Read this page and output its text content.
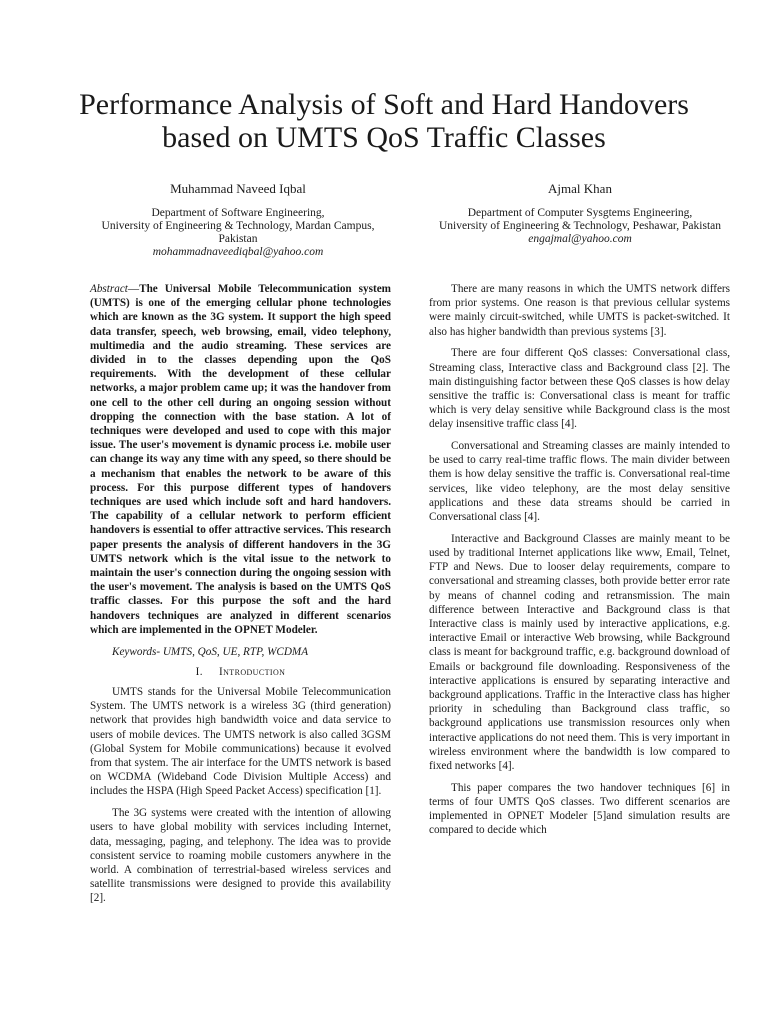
Performance Analysis of Soft and Hard Handovers
based on UMTS QoS Traffic Classes
Muhammad Naveed Iqbal
Department of Software Engineering,
University of Engineering & Technology, Mardan Campus,
Pakistan
mohammadnaveediqbal@yahoo.com
Ajmal Khan
Department of Computer Sysgtems Engineering,
University of Engineering & Technologv, Peshawar, Pakistan
engajmal@yahoo.com

Abstract—The Universal Mobile Telecommunication system (UMTS) is one of the emerging cellular phone technologies which are known as the 3G system. It support the high speed data transfer, speech, web browsing, email, video telephony, multimedia and the audio streaming. These services are divided in to the classes depending upon the QoS requirements. With the development of these cellular networks, a major problem came up; it was the handover from one cell to the other cell during an ongoing session without dropping the connection with the base station. A lot of techniques were developed and used to cope with this major issue. The user's movement is dynamic process i.e. mobile user can change its way any time with any speed, so there should be a mechanism that enables the network to be aware of this process. For this purpose different types of handovers techniques are used which include soft and hard handovers. The capability of a cellular network to perform efficient handovers is essential to offer attractive services. This research paper presents the analysis of different handovers in the 3G UMTS network which is the vital issue to the network to maintain the user's connection during the ongoing session with the user's movement. The analysis is based on the UMTS QoS traffic classes. For this purpose the soft and the hard handovers techniques are analyzed in different scenarios which are implemented in the OPNET Modeler.

Keywords- UMTS, QoS, UE, RTP, WCDMA

I. Introduction

UMTS stands for the Universal Mobile Telecommunication System. The UMTS network is a wireless 3G (third generation) network that provides high bandwidth voice and data service to users of mobile devices. The UMTS network is also called 3GSM (Global System for Mobile communications) because it evolved from that system. The air interface for the UMTS network is based on WCDMA (Wideband Code Division Multiple Access) and includes the HSPA (High Speed Packet Access) specification [1].

The 3G systems were created with the intention of allowing users to have global mobility with services including Internet, data, messaging, paging, and telephony. The idea was to provide consistent service to roaming mobile customers anywhere in the world. A combination of terrestrial-based wireless services and satellite transmissions were designed to provide this availability [2].

There are many reasons in which the UMTS network differs from prior systems. One reason is that previous cellular systems were mainly circuit-switched, while UMTS is packet-switched. It also has higher bandwidth than previous systems [3].

There are four different QoS classes: Conversational class, Streaming class, Interactive class and Background class [2]. The main distinguishing factor between these QoS classes is how delay sensitive the traffic is: Conversational class is meant for traffic which is very delay sensitive while Background class is the most delay insensitive traffic class [4].

Conversational and Streaming classes are mainly intended to be used to carry real-time traffic flows. The main divider between them is how delay sensitive the traffic is. Conversational real-time services, like video telephony, are the most delay sensitive applications and these data streams should be carried in Conversational class [4].

Interactive and Background Classes are mainly meant to be used by traditional Internet applications like www, Email, Telnet, FTP and News. Due to looser delay requirements, compare to conversational and streaming classes, both provide better error rate by means of channel coding and retransmission. The main difference between Interactive and Background class is that Interactive class is mainly used by interactive applications, e.g. interactive Email or interactive Web browsing, while Background class is meant for background traffic, e.g. background download of Emails or background file downloading. Responsiveness of the interactive applications is ensured by separating interactive and background applications. Traffic in the Interactive class has higher priority in scheduling than Background class traffic, so background applications use transmission resources only when interactive applications do not need them. This is very important in wireless environment where the bandwidth is low compared to fixed networks [4].

This paper compares the two handover techniques [6] in terms of four UMTS QoS classes. Two different scenarios are implemented in OPNET Modeler [5]and simulation results are compared to decide which
